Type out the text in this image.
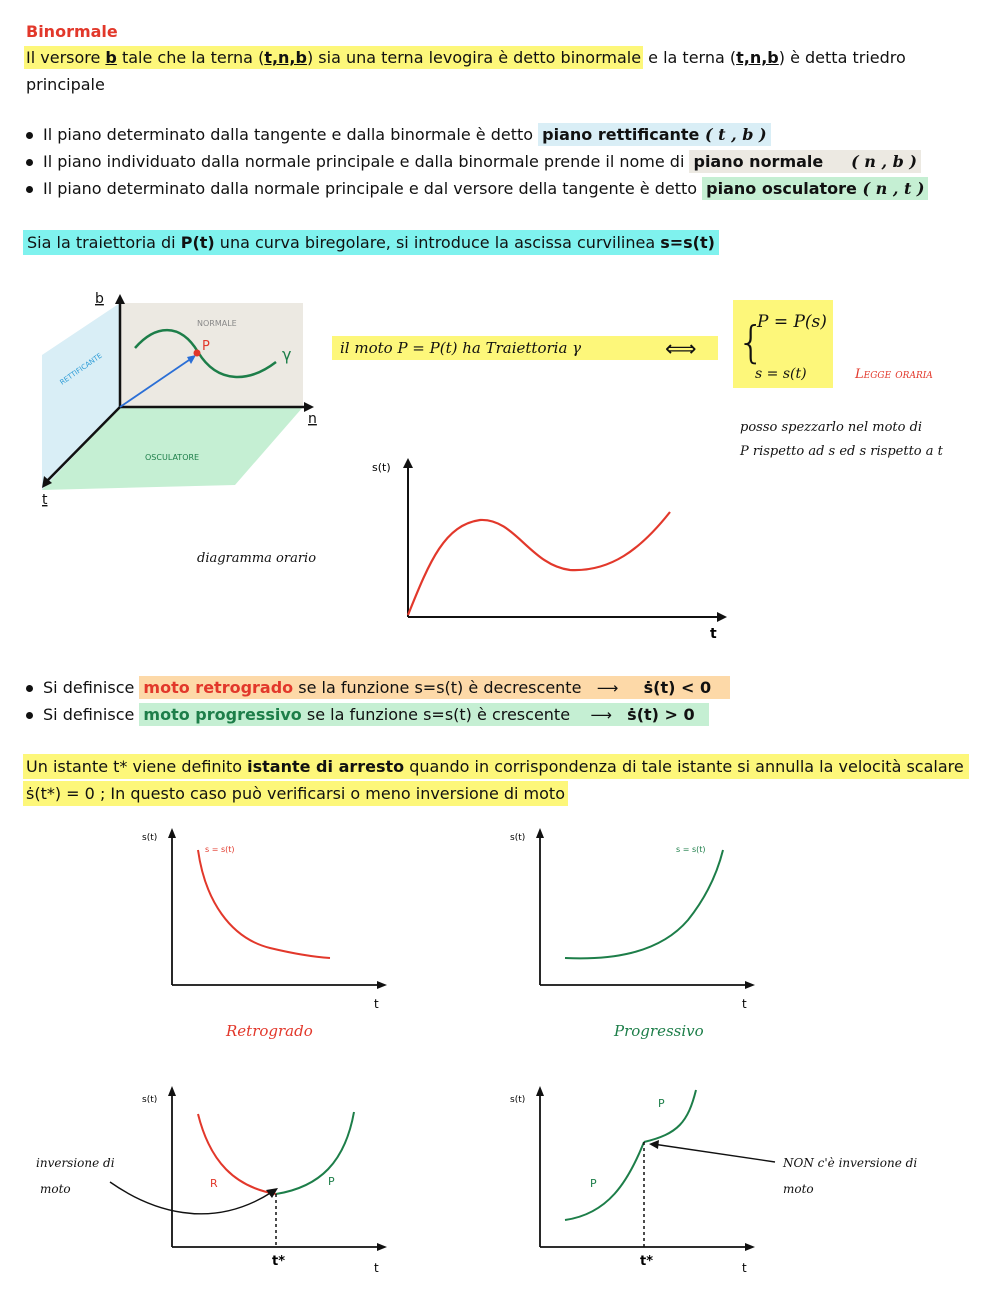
Binormale
Il versore b tale che la terna (t,n,b) sia una terna levogira è detto binormale e la terna (t,n,b) è detta triedro
principale
Il piano determinato dalla tangente e dalla binormale è detto piano rettificante ( t , b )
Il piano individuato dalla normale principale e dalla binormale prende il nome di piano normale ( n , b )
Il piano determinato dalla normale principale e dal versore della tangente è detto piano osculatore ( n , t )
Sia la traiettoria di P(t) una curva biregolare, si introduce la ascissa curvilinea s=s(t)
P	γ
NORMALE
RETTIFICANTE
OSCULATORE
b
n
t
il moto P = P(t) ha Traiettoria γ	⟺ {
P = P(s)
s = s(t)	Legge oraria
posso spezzarlo nel moto di
P rispetto ad s ed s rispetto a t
diagramma orario
s(t)
t
Si definisce moto retrogrado se la funzione s=s(t) è decrescente ⟶ ṡ(t) < 0
Si definisce moto progressivo se la funzione s=s(t) è crescente ⟶ ṡ(t) > 0
Un istante t* viene definito istante di arresto quando in corrispondenza di tale istante si annulla la velocità scalare
ṡ(t*) = 0 ; In questo caso può verificarsi o meno inversione di moto
s(t)
s = s(t)
t
Retrogrado
s(t)
s = s(t)
t
Progressivo
s(t)
R	P
t*	t
s(t)
P
P
t*	t
inversione di
moto
NON c'è inversione di
moto
